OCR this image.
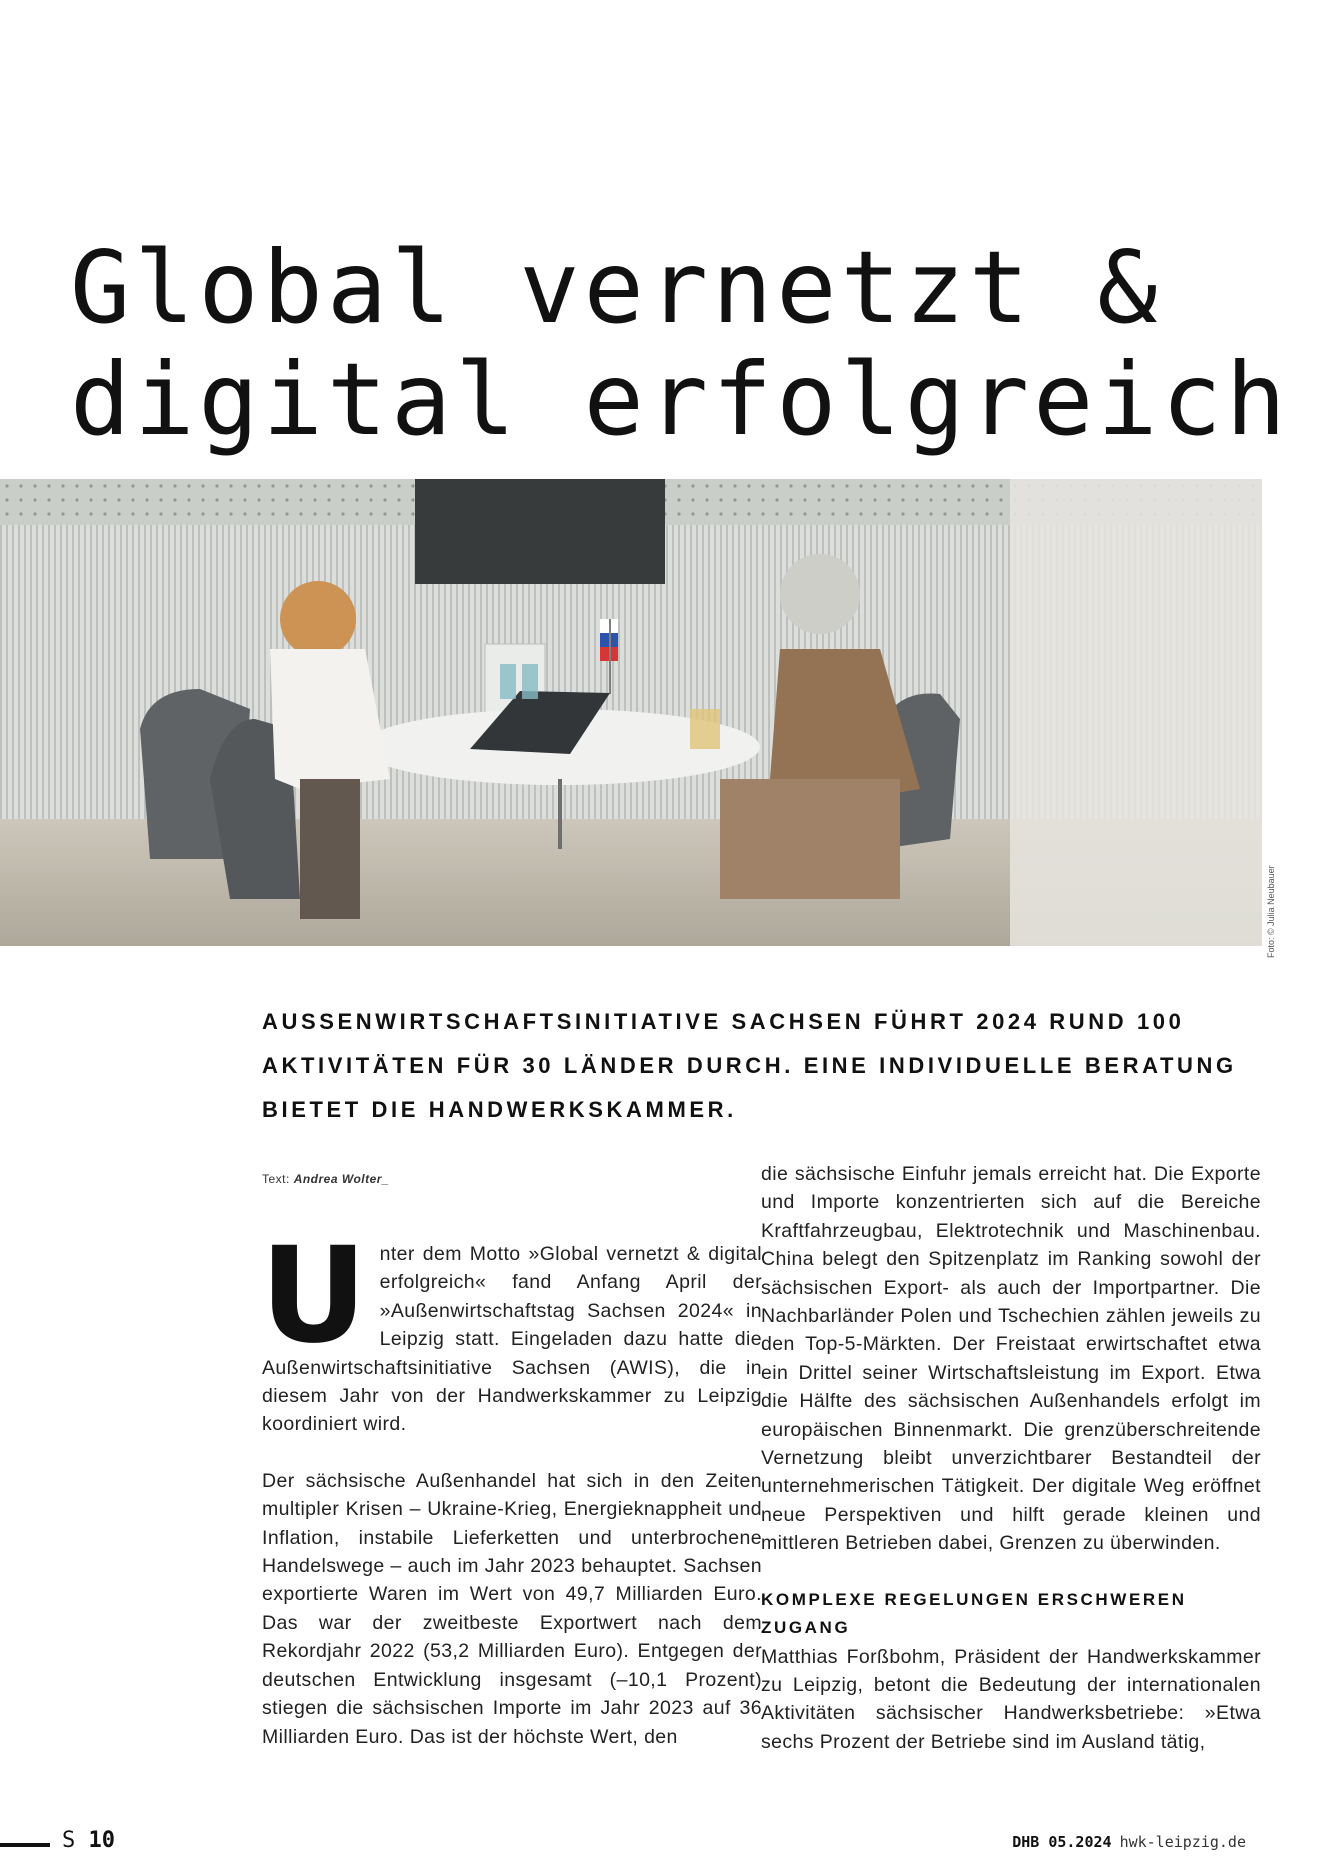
Global vernetzt & digital erfolgreich
Foto: © Julia Neubauer

AUSSENWIRTSCHAFTSINITIATIVE SACHSEN FÜHRT 2024 RUND 100 AKTIVITÄTEN FÜR 30 LÄNDER DURCH. EINE INDIVIDUELLE BERATUNG BIETET DIE HANDWERKSKAMMER.

Text: Andrea Wolter_

Unter dem Motto »Global vernetzt & digital erfolgreich« fand Anfang April der »Außenwirtschaftstag Sachsen 2024« in Leipzig statt. Eingeladen dazu hatte die Außenwirtschaftsinitiative Sachsen (AWIS), die in diesem Jahr von der Handwerkskammer zu Leipzig koordiniert wird.

Der sächsische Außenhandel hat sich in den Zeiten multipler Krisen – Ukraine-Krieg, Energieknappheit und Inflation, instabile Lieferketten und unterbrochene Handelswege – auch im Jahr 2023 behauptet. Sachsen exportierte Waren im Wert von 49,7 Milliarden Euro. Das war der zweitbeste Exportwert nach dem Rekordjahr 2022 (53,2 Milliarden Euro). Entgegen der deutschen Entwicklung insgesamt (–10,1 Prozent) stiegen die sächsischen Importe im Jahr 2023 auf 36 Milliarden Euro. Das ist der höchste Wert, den

die sächsische Einfuhr jemals erreicht hat. Die Exporte und Importe konzentrierten sich auf die Bereiche Kraftfahrzeugbau, Elektrotechnik und Maschinenbau. China belegt den Spitzenplatz im Ranking sowohl der sächsischen Export- als auch der Importpartner. Die Nachbarländer Polen und Tschechien zählen jeweils zu den Top-5-Märkten. Der Freistaat erwirtschaftet etwa ein Drittel seiner Wirtschaftsleistung im Export. Etwa die Hälfte des sächsischen Außenhandels erfolgt im europäischen Binnenmarkt. Die grenzüberschreitende Vernetzung bleibt unverzichtbarer Bestandteil der unternehmerischen Tätigkeit. Der digitale Weg eröffnet neue Perspektiven und hilft gerade kleinen und mittleren Betrieben dabei, Grenzen zu überwinden.

KOMPLEXE REGELUNGEN ERSCHWEREN ZUGANG

Matthias Forßbohm, Präsident der Handwerkskammer zu Leipzig, betont die Bedeutung der internationalen Aktivitäten sächsischer Handwerksbetriebe: »Etwa sechs Prozent der Betriebe sind im Ausland tätig,

S 10	DHB 05.2024 hwk-leipzig.de
